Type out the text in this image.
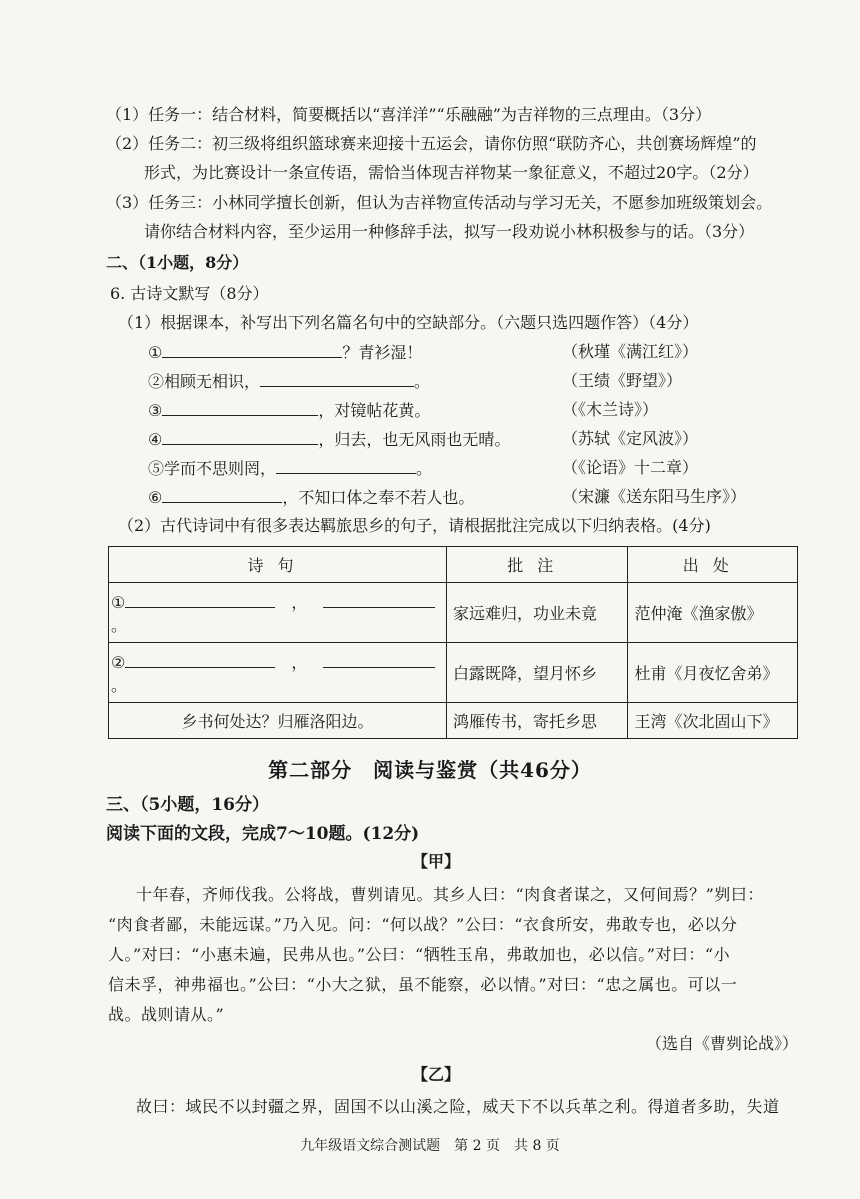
（1）任务一：结合材料，简要概括以“喜洋洋”“乐融融”为吉祥物的三点理由。（3分）
（2）任务二：初三级将组织篮球赛来迎接十五运会，请你仿照“联防齐心，共创赛场辉煌”的
形式，为比赛设计一条宣传语，需恰当体现吉祥物某一象征意义，不超过20字。（2分）
（3）任务三：小林同学擅长创新，但认为吉祥物宣传活动与学习无关，不愿参加班级策划会。
请你结合材料内容，至少运用一种修辞手法，拟写一段劝说小林积极参与的话。（3分）
二、（1小题，8分）
6. 古诗文默写（8分）
（1）根据课本，补写出下列名篇名句中的空缺部分。（六题只选四题作答）（4分）
①	？青衫湿！	（秋瑾《满江红》）
②相顾无相识，	。	（王绩《野望》）
③	，对镜帖花黄。	（《木兰诗》）
④	，归去，也无风雨也无晴。	（苏轼《定风波》）
⑤学而不思则罔，	。	（《论语》十二章）
⑥	，不知口体之奉不若人也。	（宋濂《送东阳马生序》）
（2）古代诗词中有很多表达羁旅思乡的句子，请根据批注完成以下归纳表格。(4分)
诗句	批注	出处
① ，。	家远难归，功业未竟	范仲淹《渔家傲》
② ，。	白露既降，望月怀乡	杜甫《月夜忆舍弟》
乡书何处达？归雁洛阳边。	鸿雁传书，寄托乡思	王湾《次北固山下》
第二部分　阅读与鉴赏（共46分）
三、（5小题，16分）
阅读下面的文段，完成7～10题。(12分)
【甲】
十年春，齐师伐我。公将战，曹刿请见。其乡人曰：“肉食者谋之，又何间焉？”刿曰：
“肉食者鄙，未能远谋。”乃入见。问：“何以战？”公曰：“衣食所安，弗敢专也，必以分
人。”对曰：“小惠未遍，民弗从也。”公曰：“牺牲玉帛，弗敢加也，必以信。”对曰：“小
信未孚，神弗福也。”公曰：“小大之狱，虽不能察，必以情。”对曰：“忠之属也。可以一
战。战则请从。”
（选自《曹刿论战》）
【乙】
故曰：域民不以封疆之界，固国不以山溪之险，威天下不以兵革之利。得道者多助，失道
九年级语文综合测试题　第 2 页　共 8 页
